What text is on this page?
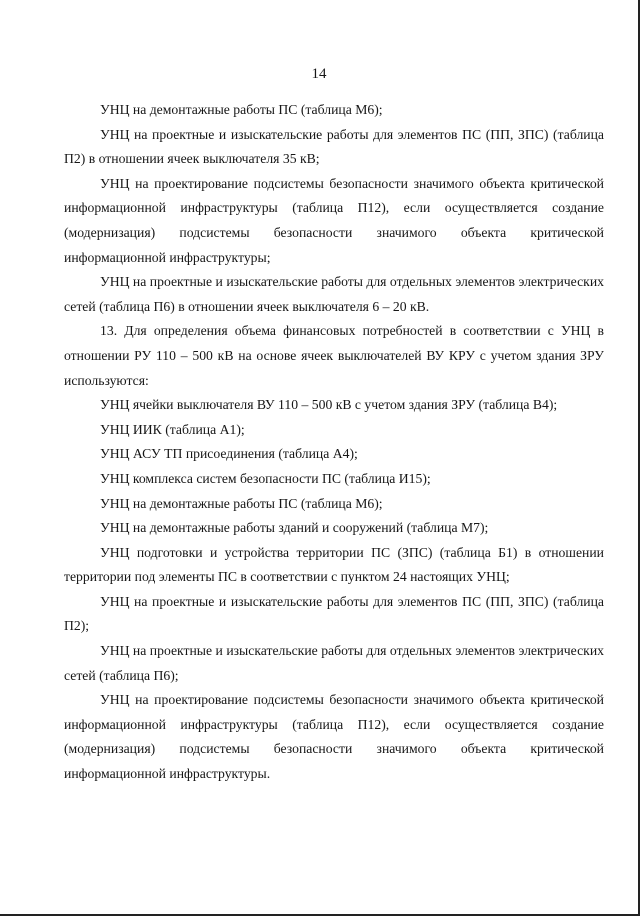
14

УНЦ на демонтажные работы ПС (таблица М6);

УНЦ на проектные и изыскательские работы для элементов ПС (ПП, ЗПС) (таблица П2) в отношении ячеек выключателя 35 кВ;

УНЦ на проектирование подсистемы безопасности значимого объекта критической информационной инфраструктуры (таблица П12), если осуществляется создание (модернизация) подсистемы безопасности значимого объекта критической информационной инфраструктуры;

УНЦ на проектные и изыскательские работы для отдельных элементов электрических сетей (таблица П6) в отношении ячеек выключателя 6 – 20 кВ.

13. Для определения объема финансовых потребностей в соответствии с УНЦ в отношении РУ 110 – 500 кВ на основе ячеек выключателей ВУ КРУ с учетом здания ЗРУ используются:

УНЦ ячейки выключателя ВУ 110 – 500 кВ с учетом здания ЗРУ (таблица В4);

УНЦ ИИК (таблица А1);

УНЦ АСУ ТП присоединения (таблица А4);

УНЦ комплекса систем безопасности ПС (таблица И15);

УНЦ на демонтажные работы ПС (таблица М6);

УНЦ на демонтажные работы зданий и сооружений (таблица М7);

УНЦ подготовки и устройства территории ПС (ЗПС) (таблица Б1) в отношении территории под элементы ПС в соответствии с пунктом 24 настоящих УНЦ;

УНЦ на проектные и изыскательские работы для элементов ПС (ПП, ЗПС) (таблица П2);

УНЦ на проектные и изыскательские работы для отдельных элементов электрических сетей (таблица П6);

УНЦ на проектирование подсистемы безопасности значимого объекта критической информационной инфраструктуры (таблица П12), если осуществляется создание (модернизация) подсистемы безопасности значимого объекта критической информационной инфраструктуры.
